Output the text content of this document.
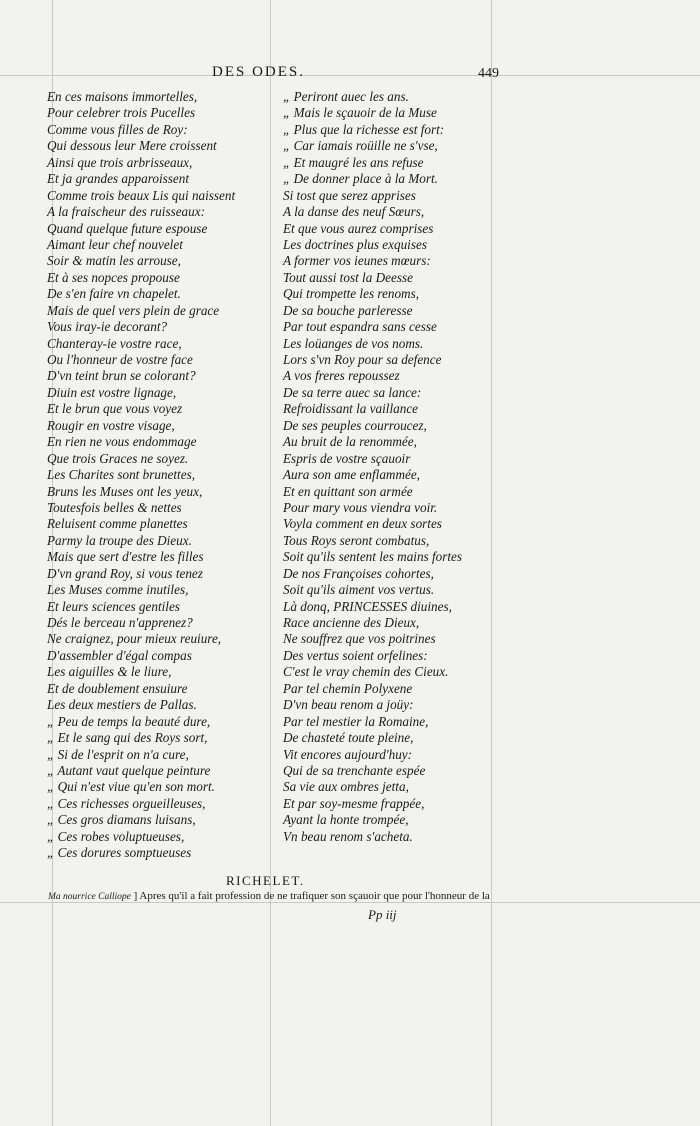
DES ODES.	449
En ces maisons immortelles,
Pour celebrer trois Pucelles
Comme vous filles de Roy:
Qui dessous leur Mere croissent
Ainsi que trois arbrisseaux,
Et ja grandes apparoissent
Comme trois beaux Lis qui naissent
A la fraischeur des ruisseaux:
Quand quelque future espouse
Aimant leur chef nouvelet
Soir & matin les arrouse,
Et à ses nopces propouse
De s'en faire vn chapelet.
Mais de quel vers plein de grace
Vous iray-ie decorant?
Chanteray-ie vostre race,
Ou l'honneur de vostre face
D'vn teint brun se colorant?
Diuin est vostre lignage,
Et le brun que vous voyez
Rougir en vostre visage,
En rien ne vous endommage
Que trois Graces ne soyez.
Les Charites sont brunettes,
Bruns les Muses ont les yeux,
Toutesfois belles & nettes
Reluisent comme planettes
Parmy la troupe des Dieux.
Mais que sert d'estre les filles
D'vn grand Roy, si vous tenez
Les Muses comme inutiles,
Et leurs sciences gentiles
Dés le berceau n'apprenez?
Ne craignez, pour mieux reuiure,
D'assembler d'égal compas
Les aiguilles & le liure,
Et de doublement ensuiure
Les deux mestiers de Pallas.
„ Peu de temps la beauté dure,
„ Et le sang qui des Roys sort,
„ Si de l'esprit on n'a cure,
„ Autant vaut quelque peinture
„ Qui n'est viue qu'en son mort.
„ Ces richesses orgueilleuses,
„ Ces gros diamans luisans,
„ Ces robes voluptueuses,
„ Ces dorures somptueuses
„ Periront auec les ans.
„ Mais le sçauoir de la Muse
„ Plus que la richesse est fort:
„ Car iamais roüille ne s'vse,
„ Et maugré les ans refuse
„ De donner place à la Mort.
Si tost que serez apprises
A la danse des neuf Sœurs,
Et que vous aurez comprises
Les doctrines plus exquises
A former vos ieunes mœurs:
Tout aussi tost la Deesse
Qui trompette les renoms,
De sa bouche parleresse
Par tout espandra sans cesse
Les loüanges de vos noms.
Lors s'vn Roy pour sa defence
A vos freres repoussez
De sa terre auec sa lance:
Refroidissant la vaillance
De ses peuples courroucez,
Au bruit de la renommée,
Espris de vostre sçauoir
Aura son ame enflammée,
Et en quittant son armée
Pour mary vous viendra voir.
Voyla comment en deux sortes
Tous Roys seront combatus,
Soit qu'ils sentent les mains fortes
De nos Françoises cohortes,
Soit qu'ils aiment vos vertus.
Là donq, PRINCESSES diuines,
Race ancienne des Dieux,
Ne souffrez que vos poitrines
Des vertus soient orfelines:
C'est le vray chemin des Cieux.
Par tel chemin Polyxene
D'vn beau renom a joüy:
Par tel mestier la Romaine,
De chasteté toute pleine,
Vit encores aujourd'huy:
Qui de sa trenchante espée
Sa vie aux ombres jetta,
Et par soy-mesme frappée,
Ayant la honte trompée,
Vn beau renom s'acheta.
RICHELET.
Ma nourrice Calliope ] Apres qu'il a fait profession de ne trafiquer son sçauoir que pour l'honneur de la
Pp iij
